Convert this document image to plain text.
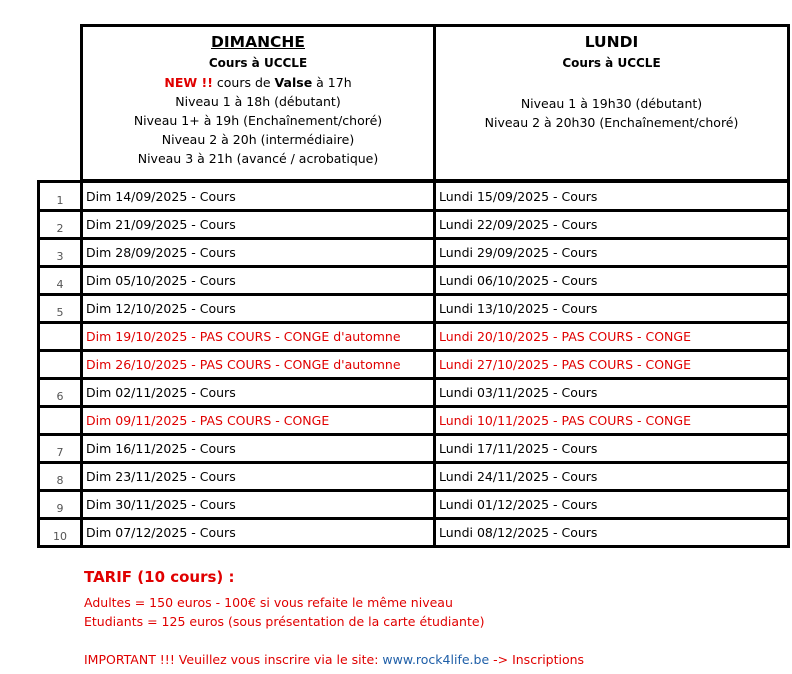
DIMANCHE
Cours à UCCLE
NEW !! cours de Valse à 17h
Niveau 1 à 18h (débutant)
Niveau 1+ à 19h (Enchaînement/choré)
Niveau 2 à 20h (intermédiaire)
Niveau 3 à 21h (avancé / acrobatique)
LUNDI
Cours à UCCLE
Niveau 1 à 19h30 (débutant)
Niveau 2 à 20h30 (Enchaînement/choré)
1	Dim 14/09/2025 - Cours	Lundi 15/09/2025 - Cours
2	Dim 21/09/2025 - Cours	Lundi 22/09/2025 - Cours
3	Dim 28/09/2025 - Cours	Lundi 29/09/2025 - Cours
4	Dim 05/10/2025 - Cours	Lundi 06/10/2025 - Cours
5	Dim 12/10/2025 - Cours	Lundi 13/10/2025 - Cours
Dim 19/10/2025 - PAS COURS - CONGE d'automne	Lundi 20/10/2025 - PAS COURS - CONGE
Dim 26/10/2025 - PAS COURS - CONGE d'automne	Lundi 27/10/2025 - PAS COURS - CONGE
6	Dim 02/11/2025 - Cours	Lundi 03/11/2025 - Cours
Dim 09/11/2025 - PAS COURS - CONGE	Lundi 10/11/2025 - PAS COURS - CONGE
7	Dim 16/11/2025 - Cours	Lundi 17/11/2025 - Cours
8	Dim 23/11/2025 - Cours	Lundi 24/11/2025 - Cours
9	Dim 30/11/2025 - Cours	Lundi 01/12/2025 - Cours
10	Dim 07/12/2025 - Cours	Lundi 08/12/2025 - Cours
TARIF (10 cours) :
Adultes = 150 euros - 100€ si vous refaite le même niveau
Etudiants = 125 euros (sous présentation de la carte étudiante)
IMPORTANT !!! Veuillez vous inscrire via le site: www.rock4life.be -> Inscriptions
